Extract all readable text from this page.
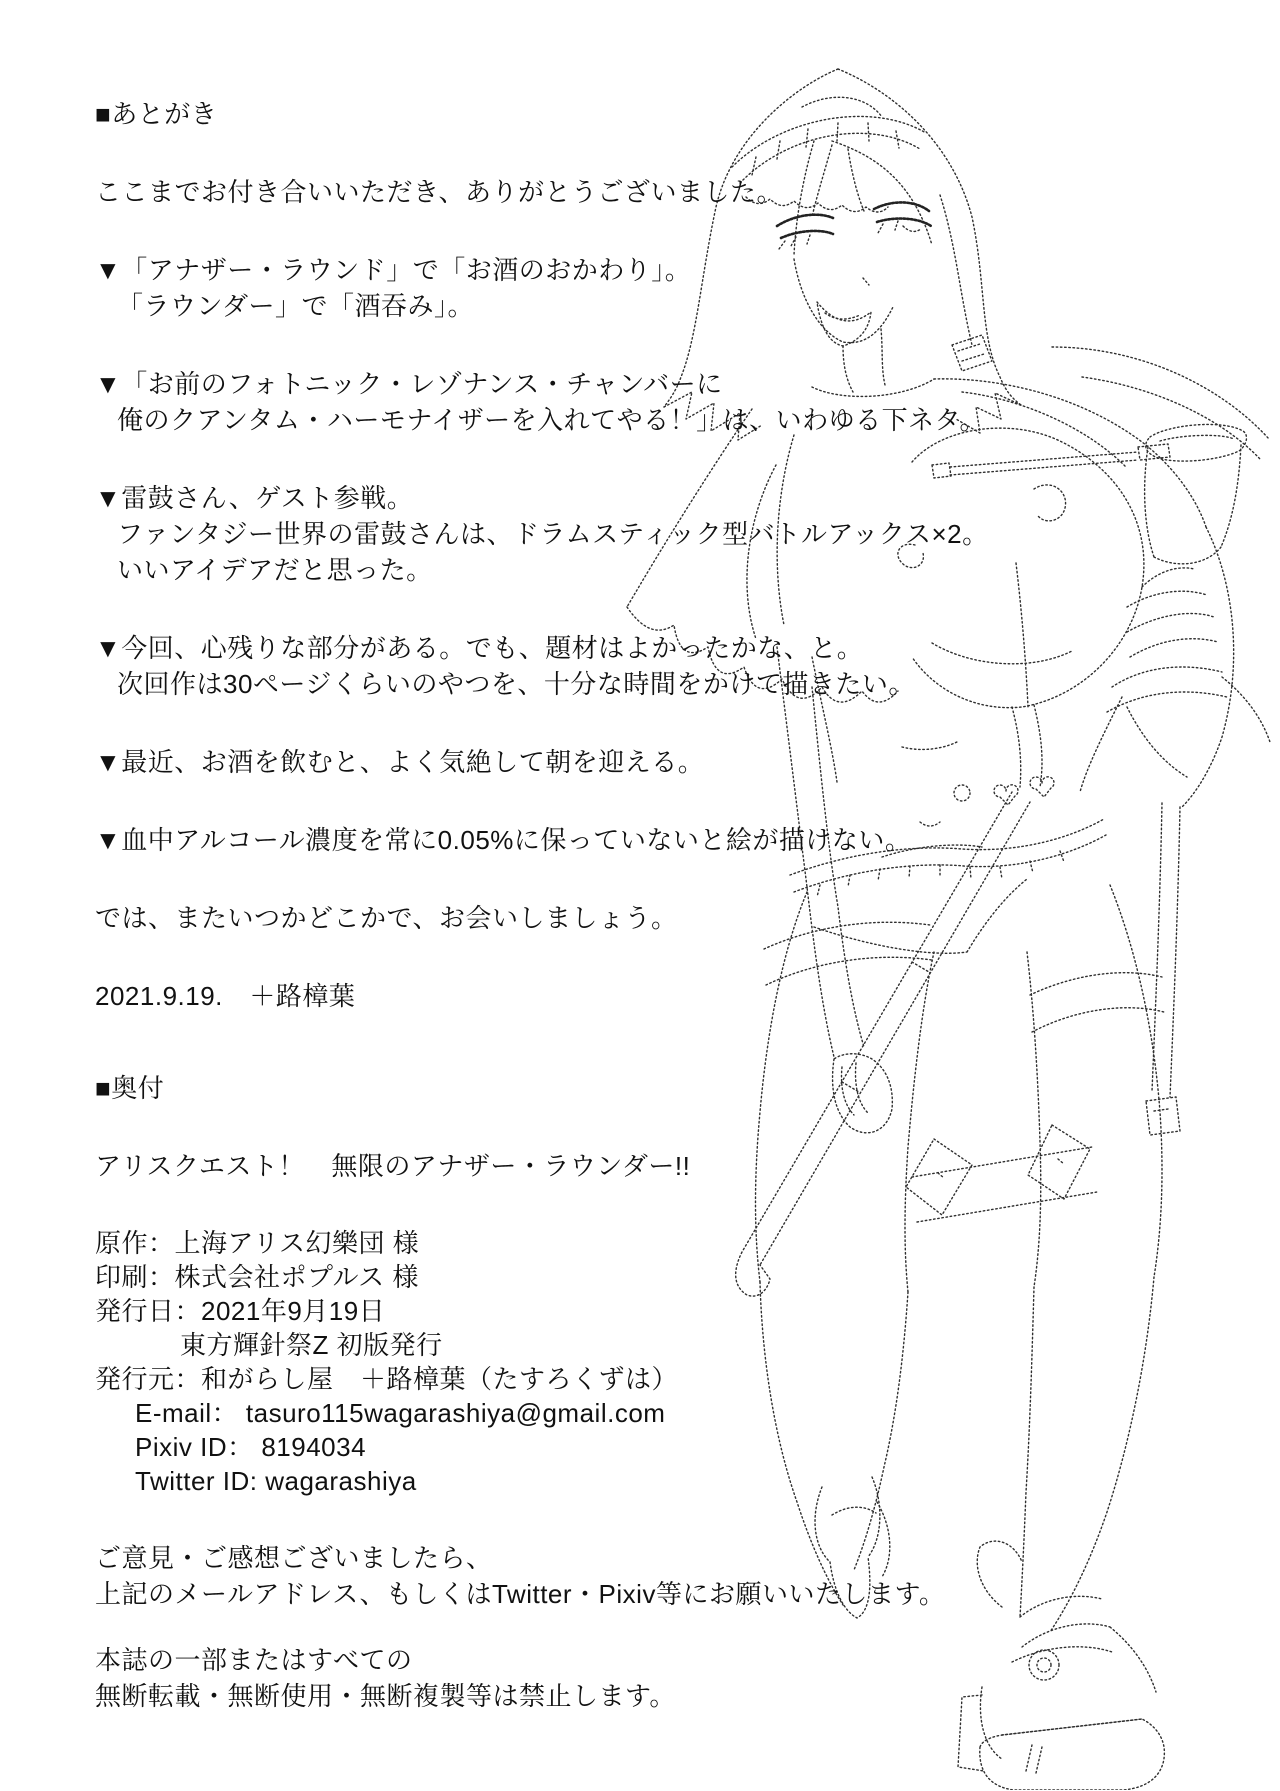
■あとがき
ここまでお付き合いいただき、ありがとうございました。
▼「アナザー・ラウンド」で「お酒のおかわり」。
「ラウンダー」で「酒吞み」。
▼「お前のフォトニック・レゾナンス・チャンバーに
俺のクアンタム・ハーモナイザーを入れてやる！」は、いわゆる下ネタ。
▼雷鼓さん、ゲスト参戦。
ファンタジー世界の雷鼓さんは、ドラムスティック型バトルアックス×2。
いいアイデアだと思った。
▼今回、心残りな部分がある。でも、題材はよかったかな、と。
次回作は30ページくらいのやつを、十分な時間をかけて描きたい。
▼最近、お酒を飲むと、よく気絶して朝を迎える。
▼血中アルコール濃度を常に0.05%に保っていないと絵が描けない。
では、またいつかどこかで、お会いしましょう。
2021.9.19.　＋路樟葉
■奥付
アリスクエスト！　無限のアナザー・ラウンダー!!
原作：上海アリス幻樂団 様
印刷：株式会社ポプルス 様
発行日：2021年9月19日
東方輝針祭Z 初版発行
発行元：和がらし屋　＋路樟葉（たすろくずは）
E-mail： tasuro115wagarashiya@gmail.com
Pixiv ID： 8194034
Twitter ID: wagarashiya
ご意見・ご感想ございましたら、
上記のメールアドレス、もしくはTwitter・Pixiv等にお願いいたします。
本誌の一部またはすべての
無断転載・無断使用・無断複製等は禁止します。
